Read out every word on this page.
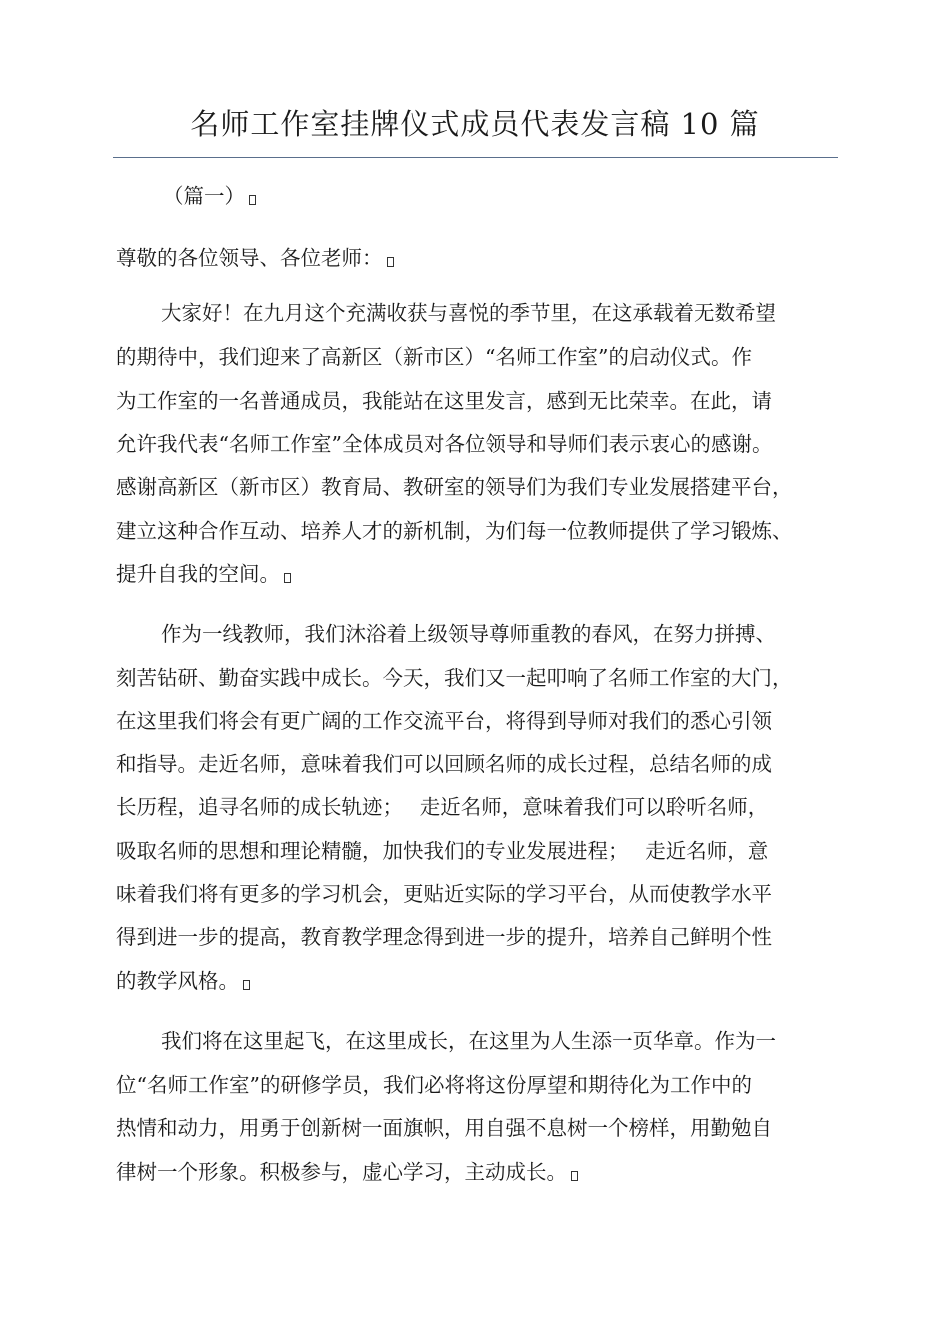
名师工作室挂牌仪式成员代表发言稿 10 篇
（篇一）
尊敬的各位领导、各位老师：
大家好！在九月这个充满收获与喜悦的季节里，在这承载着无数希望
的期待中，我们迎来了高新区（新市区）“名师工作室”的启动仪式。作
为工作室的一名普通成员，我能站在这里发言，感到无比荣幸。在此，请
允许我代表“名师工作室”全体成员对各位领导和导师们表示衷心的感谢。
感谢高新区（新市区）教育局、教研室的领导们为我们专业发展搭建平台，
建立这种合作互动、培养人才的新机制，为们每一位教师提供了学习锻炼、
提升自我的空间。
作为一线教师，我们沐浴着上级领导尊师重教的春风，在努力拼搏、
刻苦钻研、勤奋实践中成长。今天，我们又一起叩响了名师工作室的大门，
在这里我们将会有更广阔的工作交流平台，将得到导师对我们的悉心引领
和指导。走近名师，意味着我们可以回顾名师的成长过程，总结名师的成
长历程，追寻名师的成长轨迹；　 走近名师，意味着我们可以聆听名师，
吸取名师的思想和理论精髓，加快我们的专业发展进程；　 走近名师，意
味着我们将有更多的学习机会，更贴近实际的学习平台，从而使教学水平
得到进一步的提高，教育教学理念得到进一步的提升，培养自己鲜明个性
的教学风格。
我们将在这里起飞，在这里成长，在这里为人生添一页华章。作为一
位“名师工作室”的研修学员，我们必将将这份厚望和期待化为工作中的
热情和动力，用勇于创新树一面旗帜，用自强不息树一个榜样，用勤勉自
律树一个形象。积极参与，虚心学习，主动成长。
